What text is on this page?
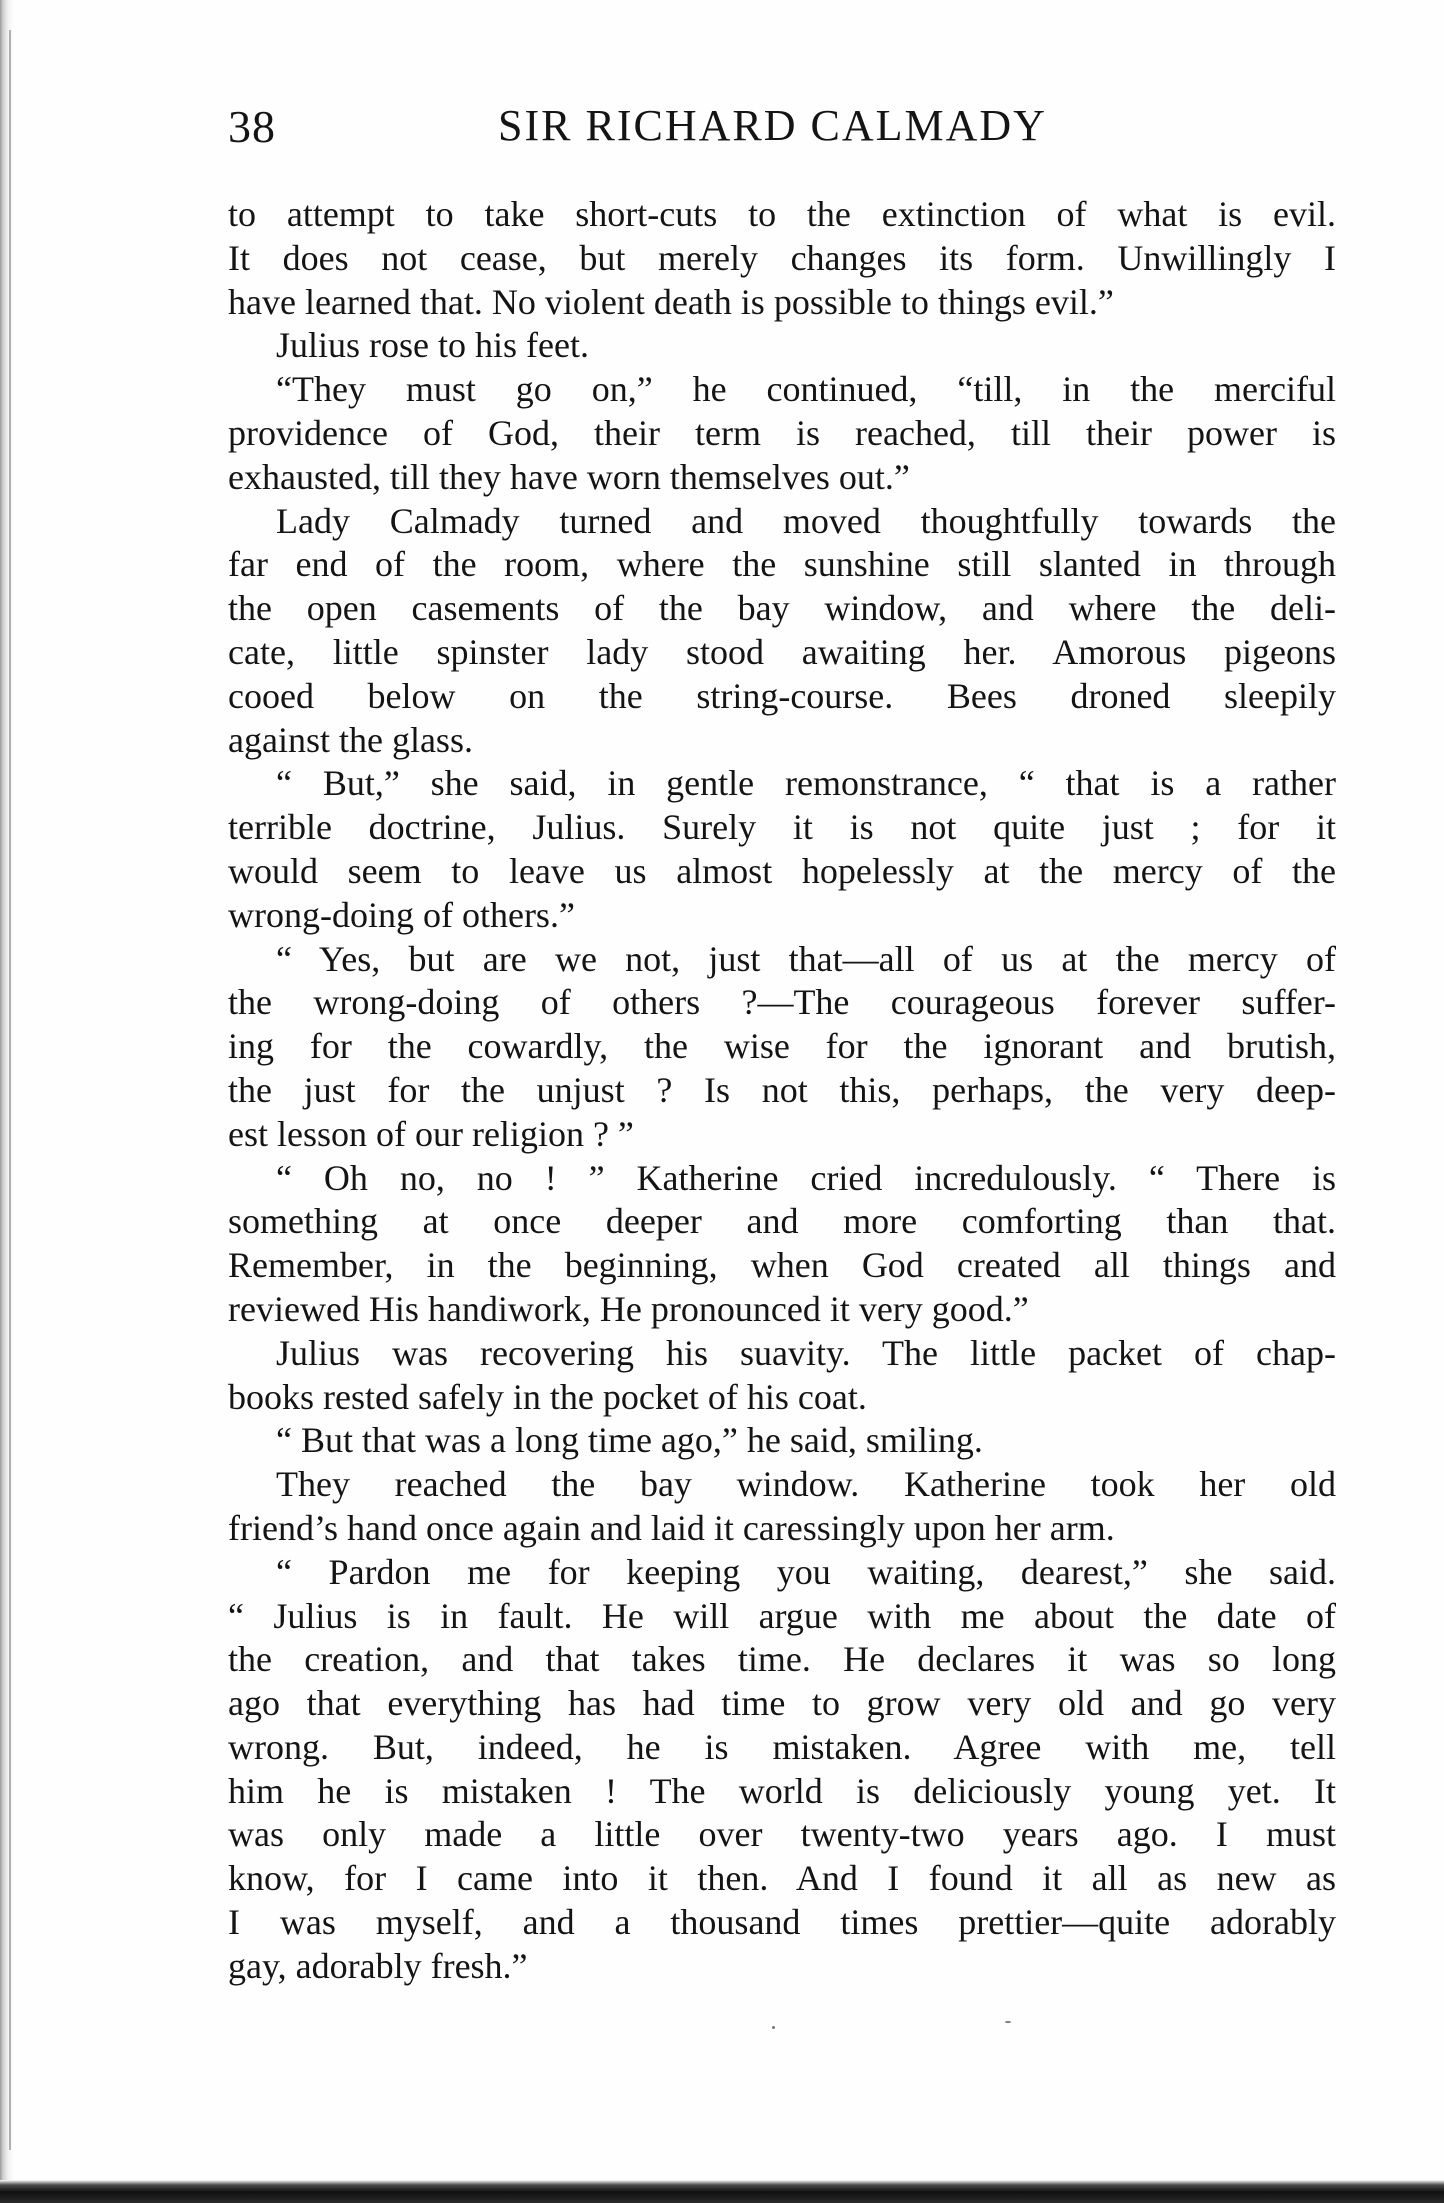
38	SIR RICHARD CALMADY
to attempt to take short-cuts to the extinction of what is evil.
It does not cease, but merely changes its form. Unwillingly I
have learned that. No violent death is possible to things evil.”
Julius rose to his feet.
“They must go on,” he continued, “till, in the merciful
providence of God, their term is reached, till their power is
exhausted, till they have worn themselves out.”
Lady Calmady turned and moved thoughtfully towards the
far end of the room, where the sunshine still slanted in through
the open casements of the bay window, and where the deli-
cate, little spinster lady stood awaiting her. Amorous pigeons
cooed below on the string-course. Bees droned sleepily
against the glass.
“ But,” she said, in gentle remonstrance, “ that is a rather
terrible doctrine, Julius. Surely it is not quite just ; for it
would seem to leave us almost hopelessly at the mercy of the
wrong-doing of others.”
“ Yes, but are we not, just that—all of us at the mercy of
the wrong-doing of others ?—The courageous forever suffer-
ing for the cowardly, the wise for the ignorant and brutish,
the just for the unjust ? Is not this, perhaps, the very deep-
est lesson of our religion ? ”
“ Oh no, no ! ” Katherine cried incredulously. “ There is
something at once deeper and more comforting than that.
Remember, in the beginning, when God created all things and
reviewed His handiwork, He pronounced it very good.”
Julius was recovering his suavity. The little packet of chap-
books rested safely in the pocket of his coat.
“ But that was a long time ago,” he said, smiling.
They reached the bay window. Katherine took her old
friend’s hand once again and laid it caressingly upon her arm.
“ Pardon me for keeping you waiting, dearest,” she said.
“ Julius is in fault. He will argue with me about the date of
the creation, and that takes time. He declares it was so long
ago that everything has had time to grow very old and go very
wrong. But, indeed, he is mistaken. Agree with me, tell
him he is mistaken ! The world is deliciously young yet. It
was only made a little over twenty-two years ago. I must
know, for I came into it then. And I found it all as new as
I was myself, and a thousand times prettier—quite adorably
gay, adorably fresh.”
